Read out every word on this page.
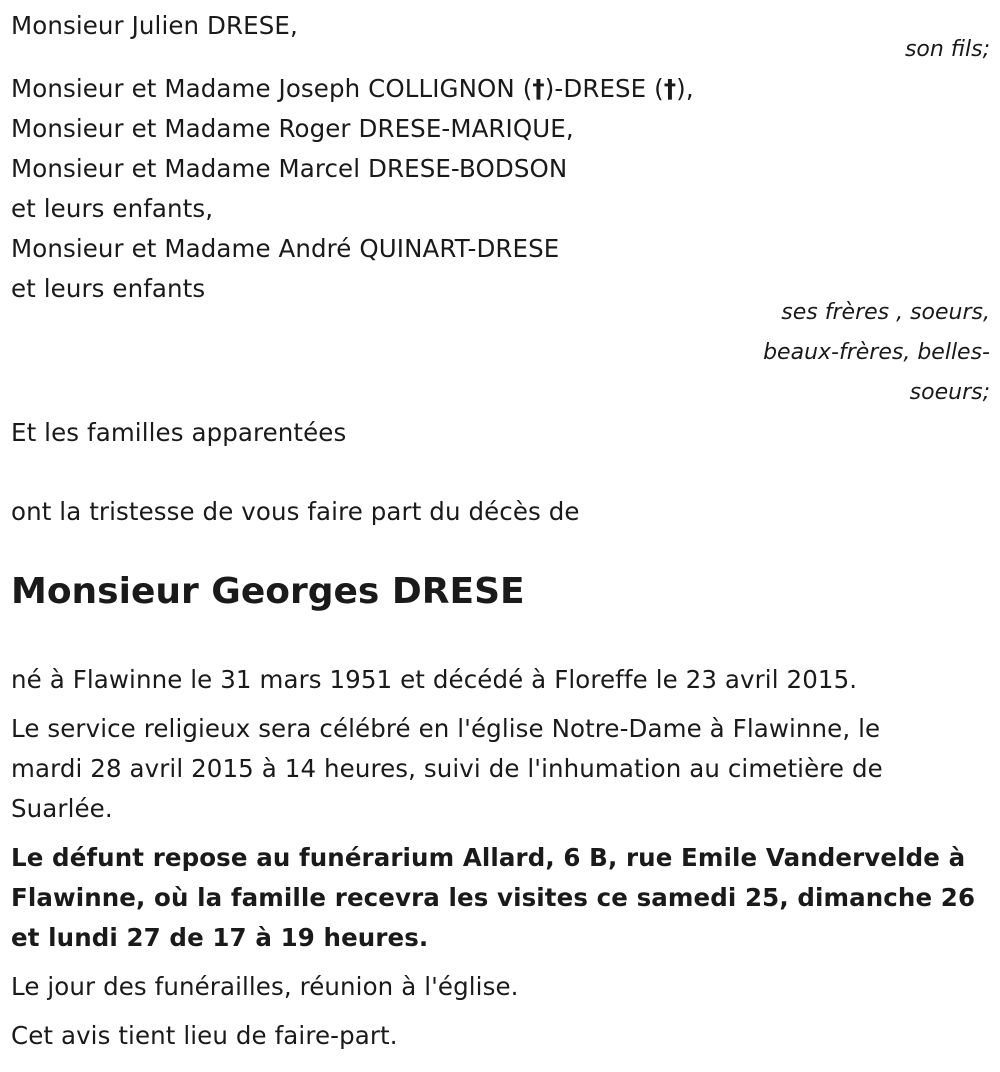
Monsieur Julien DRESE,
son fils;
Monsieur et Madame Joseph COLLIGNON (†)-DRESE (†),
Monsieur et Madame Roger DRESE-MARIQUE,
Monsieur et Madame Marcel DRESE-BODSON
et leurs enfants,
Monsieur et Madame André QUINART-DRESE
et leurs enfants
ses frères , soeurs,
beaux-frères, belles-
soeurs;
Et les familles apparentées
ont la tristesse de vous faire part du décès de
Monsieur Georges DRESE
né à Flawinne le 31 mars 1951 et décédé à Floreffe le 23 avril 2015.
Le service religieux sera célébré en l'église Notre-Dame à Flawinne, le
mardi 28 avril 2015 à 14 heures, suivi de l'inhumation au cimetière de
Suarlée.
Le défunt repose au funérarium Allard, 6 B, rue Emile Vandervelde à
Flawinne, où la famille recevra les visites ce samedi 25, dimanche 26
et lundi 27 de 17 à 19 heures.
Le jour des funérailles, réunion à l'église.
Cet avis tient lieu de faire-part.
